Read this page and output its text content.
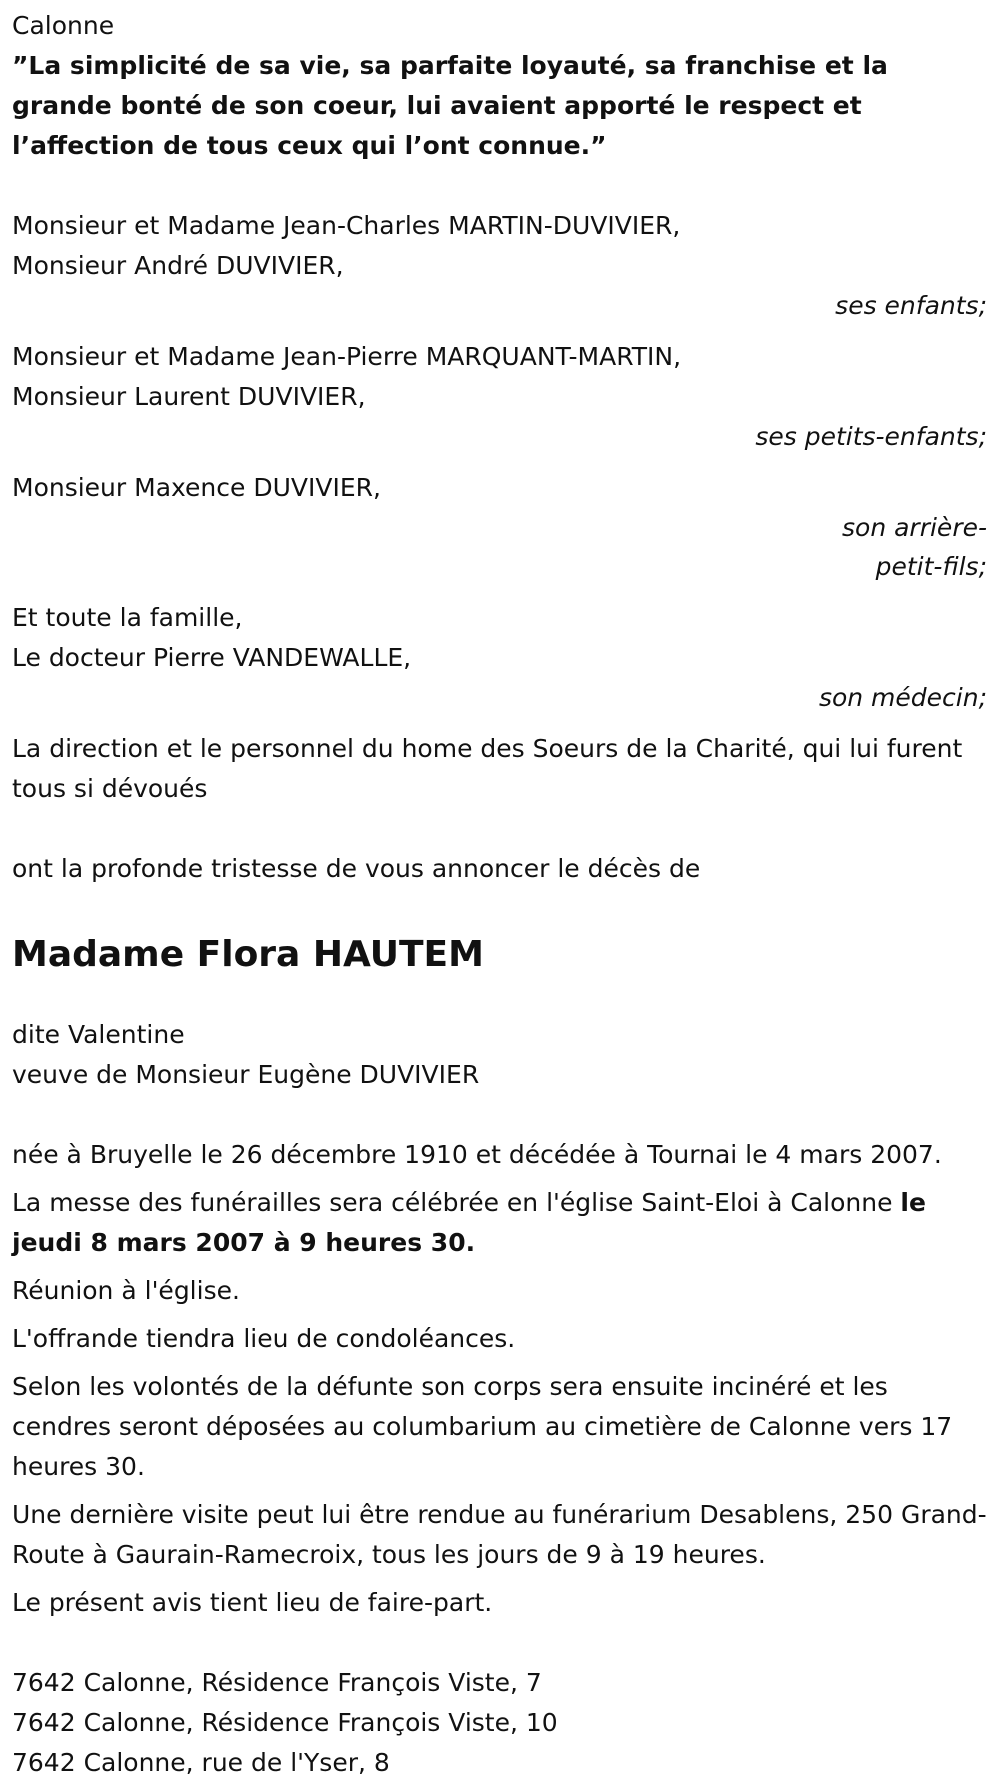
Calonne
”La simplicité de sa vie, sa parfaite loyauté, sa franchise et la grande bonté de son coeur, lui avaient apporté le respect et l’affection de tous ceux qui l’ont connue.”
Monsieur et Madame Jean-Charles MARTIN-DUVIVIER,
Monsieur André DUVIVIER,
ses enfants;
Monsieur et Madame Jean-Pierre MARQUANT-MARTIN,
Monsieur Laurent DUVIVIER,
ses petits-enfants;
Monsieur Maxence DUVIVIER,
son arrière-
petit-fils;
Et toute la famille,
Le docteur Pierre VANDEWALLE,
son médecin;
La direction et le personnel du home des Soeurs de la Charité, qui lui furent tous si dévoués
ont la profonde tristesse de vous annoncer le décès de
Madame Flora HAUTEM
dite Valentine
veuve de Monsieur Eugène DUVIVIER
née à Bruyelle le 26 décembre 1910 et décédée à Tournai le 4 mars 2007.
La messe des funérailles sera célébrée en l'église Saint-Eloi à Calonne le jeudi 8 mars 2007 à 9 heures 30.
Réunion à l'église.
L'offrande tiendra lieu de condoléances.
Selon les volontés de la défunte son corps sera ensuite incinéré et les cendres seront déposées au columbarium au cimetière de Calonne vers 17 heures 30.
Une dernière visite peut lui être rendue au funérarium Desablens, 250 Grand-Route à Gaurain-Ramecroix, tous les jours de 9 à 19 heures.
Le présent avis tient lieu de faire-part.
7642 Calonne, Résidence François Viste, 7
7642 Calonne, Résidence François Viste, 10
7642 Calonne, rue de l'Yser, 8
